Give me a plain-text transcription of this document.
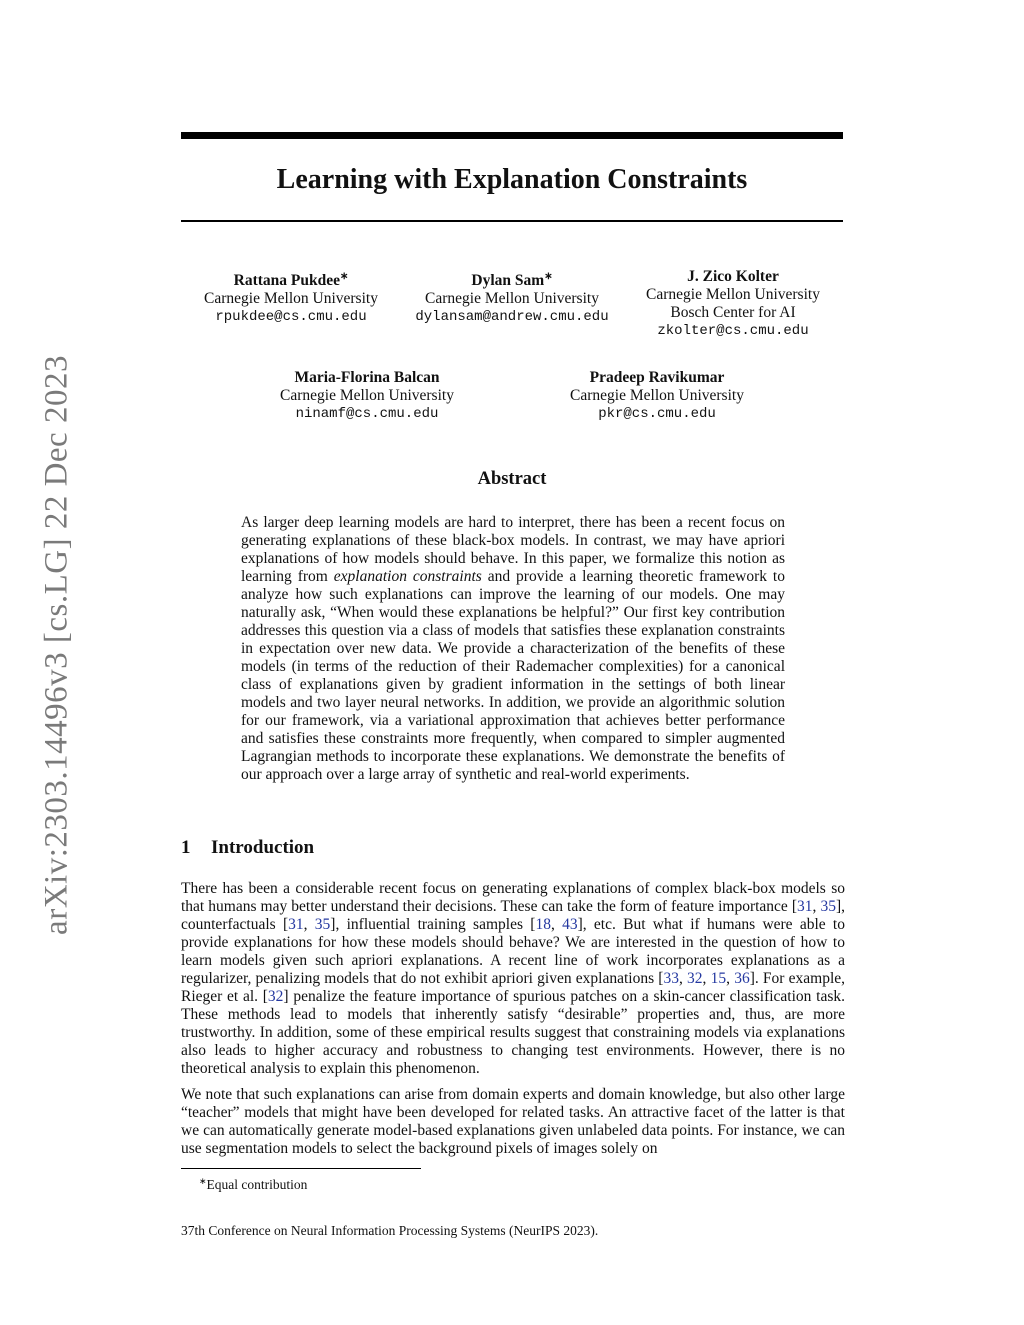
arXiv:2303.14496v3 [cs.LG] 22 Dec 2023
Learning with Explanation Constraints
Rattana Pukdee∗
Carnegie Mellon University
rpukdee@cs.cmu.edu
Dylan Sam∗
Carnegie Mellon University
dylansam@andrew.cmu.edu
J. Zico Kolter
Carnegie Mellon University
Bosch Center for AI
zkolter@cs.cmu.edu
Maria-Florina Balcan
Carnegie Mellon University
ninamf@cs.cmu.edu
Pradeep Ravikumar
Carnegie Mellon University
pkr@cs.cmu.edu
Abstract
As larger deep learning models are hard to interpret, there has been a recent focus on generating explanations of these black-box models. In contrast, we may have apriori explanations of how models should behave. In this paper, we formalize this notion as learning from explanation constraints and provide a learning theoretic framework to analyze how such explanations can improve the learning of our models. One may naturally ask, “When would these explanations be helpful?” Our first key contribution addresses this question via a class of models that satisfies these explanation constraints in expectation over new data. We provide a characterization of the benefits of these models (in terms of the reduction of their Rademacher complexities) for a canonical class of explanations given by gradient information in the settings of both linear models and two layer neural networks. In addition, we provide an algorithmic solution for our framework, via a variational approximation that achieves better performance and satisfies these constraints more frequently, when compared to simpler augmented Lagrangian methods to incorporate these explanations. We demonstrate the benefits of our approach over a large array of synthetic and real-world experiments.
1 Introduction
There has been a considerable recent focus on generating explanations of complex black-box models so that humans may better understand their decisions. These can take the form of feature importance [31, 35], counterfactuals [31, 35], influential training samples [18, 43], etc. But what if humans were able to provide explanations for how these models should behave? We are interested in the question of how to learn models given such apriori explanations. A recent line of work incorporates explanations as a regularizer, penalizing models that do not exhibit apriori given explanations [33, 32, 15, 36]. For example, Rieger et al. [32] penalize the feature importance of spurious patches on a skin-cancer classification task. These methods lead to models that inherently satisfy “desirable” properties and, thus, are more trustworthy. In addition, some of these empirical results suggest that constraining models via explanations also leads to higher accuracy and robustness to changing test environments. However, there is no theoretical analysis to explain this phenomenon.
We note that such explanations can arise from domain experts and domain knowledge, but also other large “teacher” models that might have been developed for related tasks. An attractive facet of the latter is that we can automatically generate model-based explanations given unlabeled data points. For instance, we can use segmentation models to select the background pixels of images solely on
∗Equal contribution
37th Conference on Neural Information Processing Systems (NeurIPS 2023).
